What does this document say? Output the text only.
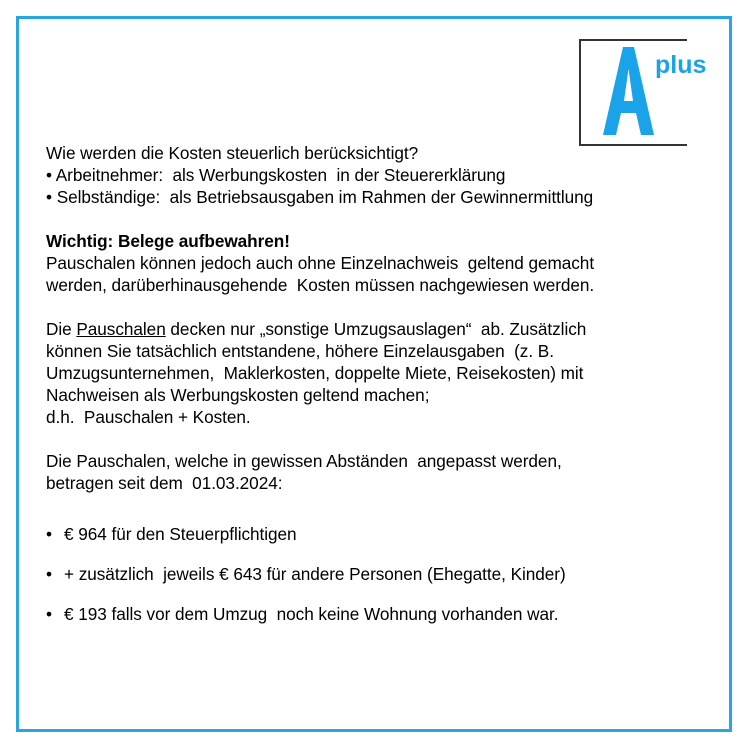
plus
Wie werden die Kosten steuerlich berücksichtigt?
• Arbeitnehmer:  als Werbungskosten  in der Steuererklärung
• Selbständige:  als Betriebsausgaben im Rahmen der Gewinnermittlung
Wichtig: Belege aufbewahren!
Pauschalen können jedoch auch ohne Einzelnachweis  geltend gemacht
werden, darüberhinausgehende  Kosten müssen nachgewiesen werden.
Die Pauschalen decken nur „sonstige Umzugsauslagen“  ab. Zusätzlich
können Sie tatsächlich entstandene, höhere Einzelausgaben  (z. B.
Umzugsunternehmen,  Maklerkosten, doppelte Miete, Reisekosten) mit
Nachweisen als Werbungskosten geltend machen;
d.h.  Pauschalen + Kosten.
Die Pauschalen, welche in gewissen Abständen  angepasst werden,
betragen seit dem  01.03.2024:

•

€ 964 für den Steuerpflichtigen

•

+ zusätzlich  jeweils € 643 für andere Personen (Ehegatte, Kinder)

•

€ 193 falls vor dem Umzug  noch keine Wohnung vorhanden war.
